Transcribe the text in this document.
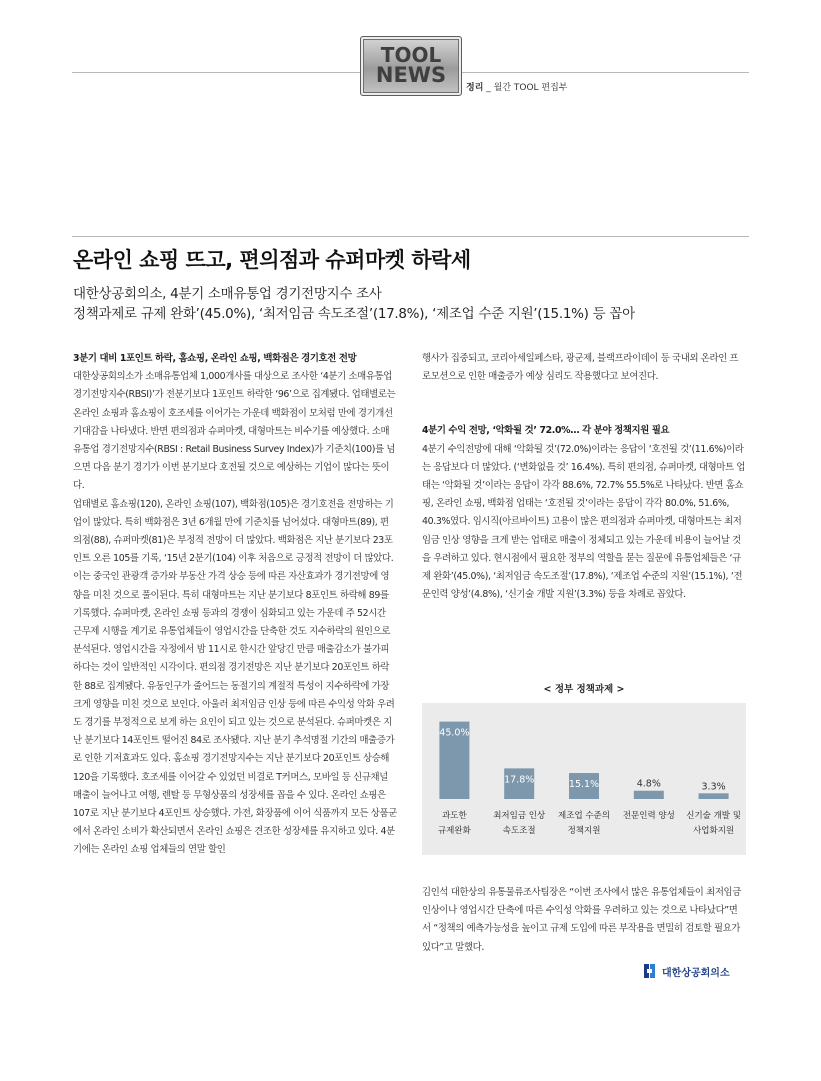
TOOL
NEWS
정리 _ 월간 TOOL 편집부
온라인 쇼핑 뜨고, 편의점과 슈퍼마켓 하락세
대한상공회의소, 4분기 소매유통업 경기전망지수 조사
정책과제로 규제 완화’(45.0%), ‘최저임금 속도조절’(17.8%), ‘제조업 수준 지원’(15.1%) 등 꼽아

3분기 대비 1포인트 하락, 홈쇼핑, 온라인 쇼핑, 백화점은 경기호전 전망

대한상공회의소가 소매유통업체 1,000개사를 대상으로 조사한 ‘4분기 소매유통업 경기전망지수(RBSI)’가 전분기보다 1포인트 하락한 ‘96’으로 집계됐다. 업태별로는 온라인 쇼핑과 홈쇼핑이 호조세를 이어가는 가운데 백화점이 모처럼 만에 경기개선 기대감을 나타냈다. 반면 편의점과 슈퍼마켓, 대형마트는 비수기를 예상했다. 소매유통업 경기전망지수(RBSI : Retail Business Survey Index)가 기준치(100)를 넘으면 다음 분기 경기가 이번 분기보다 호전될 것으로 예상하는 기업이 많다는 뜻이다.

업태별로 홈쇼핑(120), 온라인 쇼핑(107), 백화점(105)은 경기호전을 전망하는 기업이 많았다. 특히 백화점은 3년 6개월 만에 기준치를 넘어섰다. 대형마트(89), 편의점(88), 슈퍼마켓(81)은 부정적 전망이 더 많았다. 백화점은 지난 분기보다 23포인트 오른 105를 기록, ‘15년 2분기(104) 이후 처음으로 긍정적 전망이 더 많았다. 이는 중국인 관광객 증가와 부동산 가격 상승 등에 따른 자산효과가 경기전망에 영향을 미친 것으로 풀이된다. 특히 대형마트는 지난 분기보다 8포인트 하락해 89를 기록했다. 슈퍼마켓, 온라인 쇼핑 등과의 경쟁이 심화되고 있는 가운데 주 52시간 근무제 시행을 계기로 유통업체들이 영업시간을 단축한 것도 지수하락의 원인으로 분석된다. 영업시간을 자정에서 밤 11시로 한시간 앞당긴 만큼 매출감소가 불가피하다는 것이 일반적인 시각이다. 편의점 경기전망은 지난 분기보다 20포인트 하락한 88로 집계됐다. 유동인구가 줄어드는 동절기의 계절적 특성이 지수하락에 가장 크게 영향을 미친 것으로 보인다. 아울러 최저임금 인상 등에 따른 수익성 악화 우려도 경기를 부정적으로 보게 하는 요인이 되고 있는 것으로 분석된다. 슈퍼마켓은 지난 분기보다 14포인트 떨어진 84로 조사됐다. 지난 분기 추석명절 기간의 매출증가로 인한 기저효과도 있다. 홈쇼핑 경기전망지수는 지난 분기보다 20포인트 상승해 120을 기록했다. 호조세를 이어갈 수 있었던 비결로 T커머스, 모바일 등 신규채널 매출이 늘어나고 여행, 렌탈 등 무형상품의 성장세를 꼽을 수 있다. 온라인 쇼핑은 107로 지난 분기보다 4포인트 상승했다. 가전, 화장품에 이어 식품까지 모든 상품군에서 온라인 소비가 확산되면서 온라인 쇼핑은 견조한 성장세를 유지하고 있다. 4분기에는 온라인 쇼핑 업체들의 연말 할인

행사가 집중되고, 코리아세일페스타, 광군제, 블랙프라이데이 등 국내외 온라인 프로모션으로 인한 매출증가 예상 심리도 작용했다고 보여진다.

4분기 수익 전망, ‘악화될 것’ 72.0%… 각 분야 정책지원 필요

4분기 수익전망에 대해 ‘악화될 것’(72.0%)이라는 응답이 ‘호전될 것’(11.6%)이라는 응답보다 더 많았다. (‘변화없을 것’ 16.4%). 특히 편의점, 슈퍼마켓, 대형마트 업태는 ‘악화될 것’이라는 응답이 각각 88.6%, 72.7% 55.5%로 나타났다. 반면 홈쇼핑, 온라인 쇼핑, 백화점 업태는 ‘호전될 것’이라는 응답이 각각 80.0%, 51.6%, 40.3%였다. 임시직(아르바이트) 고용이 많은 편의점과 슈퍼마켓, 대형마트는 최저임금 인상 영향을 크게 받는 업태로 매출이 정체되고 있는 가운데 비용이 늘어날 것을 우려하고 있다. 현시점에서 필요한 정부의 역할을 묻는 질문에 유통업체들은 ‘규제 완화’(45.0%), ‘최저임금 속도조절’(17.8%), ‘제조업 수준의 지원’(15.1%), ‘전문인력 양성’(4.8%), ‘신기술 개발 지원’(3.3%) 등을 차례로 꼽았다.

< 정부 정책과제 >
45.0%
과도한
규제완화
17.8%
최저임금 인상
속도조절
15.1%
제조업 수준의
정책지원
4.8%
전문인력 양성
3.3%
신기술 개발 및
사업화지원

김인석 대한상의 유통물류조사팀장은 “이번 조사에서 많은 유통업체들이 최저임금 인상이나 영업시간 단축에 따른 수익성 악화를 우려하고 있는 것으로 나타났다”면서 “정책의 예측가능성을 높이고 규제 도입에 따른 부작용을 면밀히 검토할 필요가 있다”고 말했다.

대한상공회의소
